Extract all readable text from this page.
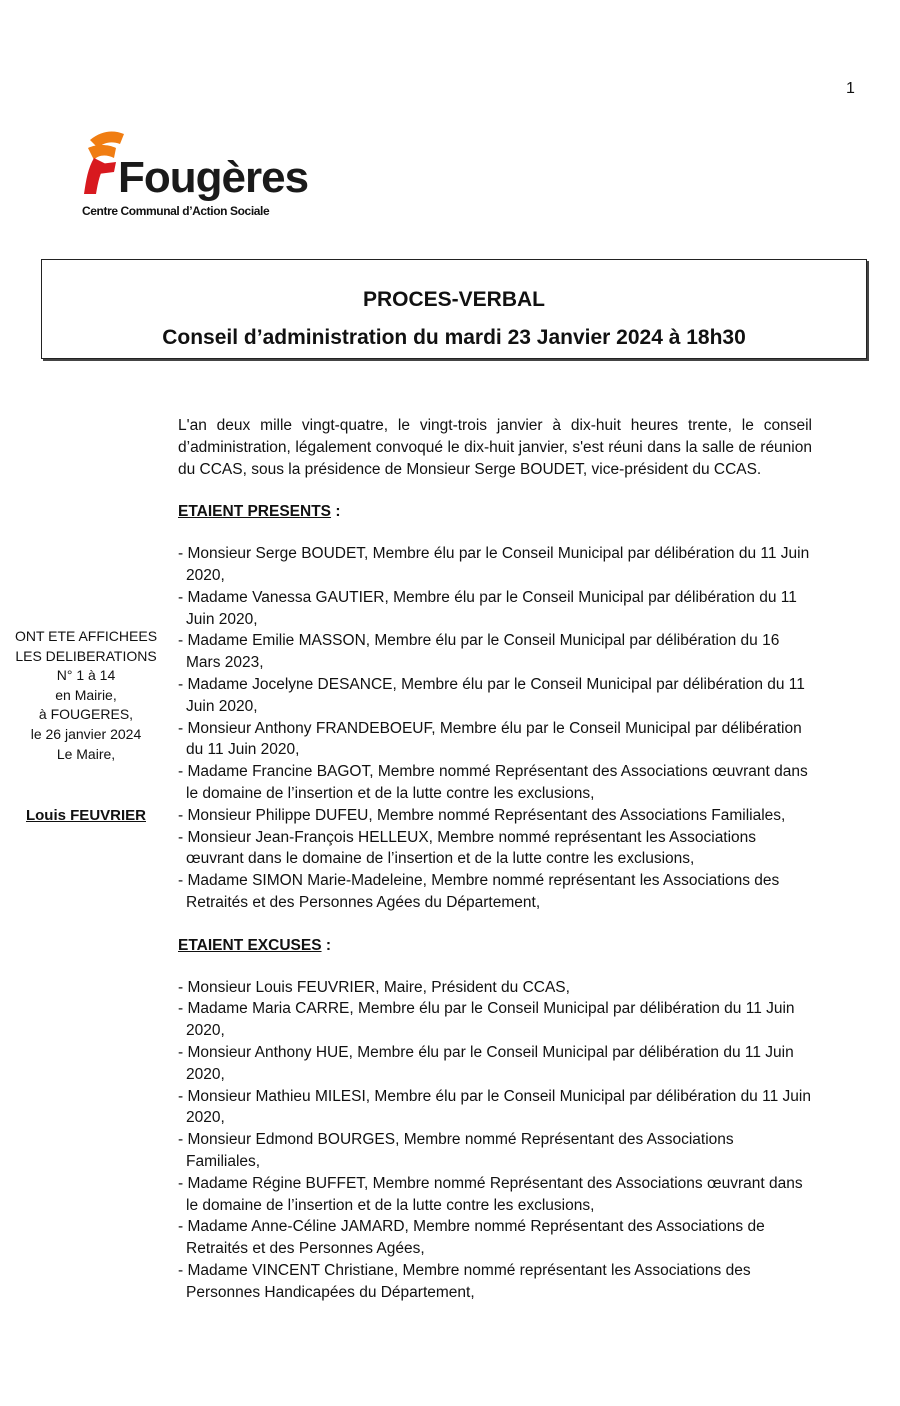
1
Fougères
Centre Communal d’Action Sociale
PROCES-VERBAL
Conseil d’administration du mardi 23 Janvier 2024 à 18h30
ONT ETE AFFICHEES
LES DELIBERATIONS
N° 1 à 14
en Mairie,
à FOUGERES,
le 26 janvier 2024
Le Maire,
Louis FEUVRIER

L'an deux mille vingt-quatre, le vingt-trois janvier à dix-huit heures trente, le conseil d’administration, légalement convoqué le dix-huit janvier, s'est réuni dans la salle de réunion du CCAS, sous la présidence de Monsieur Serge BOUDET, vice-président du CCAS.

ETAIENT PRESENTS :
- Monsieur Serge BOUDET, Membre élu par le Conseil Municipal par délibération du 11 Juin 2020,
- Madame Vanessa GAUTIER, Membre élu par le Conseil Municipal par délibération du 11 Juin 2020,
- Madame Emilie MASSON, Membre élu par le Conseil Municipal par délibération du 16 Mars 2023,
- Madame Jocelyne DESANCE, Membre élu par le Conseil Municipal par délibération du 11 Juin 2020,
- Monsieur Anthony FRANDEBOEUF, Membre élu par le Conseil Municipal par délibération du 11 Juin 2020,
- Madame Francine BAGOT, Membre nommé Représentant des Associations œuvrant dans le domaine de l’insertion et de la lutte contre les exclusions,
- Monsieur Philippe DUFEU, Membre nommé Représentant des Associations Familiales,
- Monsieur Jean-François HELLEUX, Membre nommé représentant les Associations œuvrant dans le domaine de l’insertion et de la lutte contre les exclusions,
- Madame SIMON Marie-Madeleine, Membre nommé représentant les Associations des Retraités et des Personnes Agées du Département,
ETAIENT EXCUSES :
- Monsieur Louis FEUVRIER, Maire, Président du CCAS,
- Madame Maria CARRE, Membre élu par le Conseil Municipal par délibération du 11 Juin 2020,
- Monsieur Anthony HUE, Membre élu par le Conseil Municipal par délibération du 11 Juin 2020,
- Monsieur Mathieu MILESI, Membre élu par le Conseil Municipal par délibération du 11 Juin 2020,
- Monsieur Edmond BOURGES, Membre nommé Représentant des Associations Familiales,
- Madame Régine BUFFET, Membre nommé Représentant des Associations œuvrant dans le domaine de l’insertion et de la lutte contre les exclusions,
- Madame Anne-Céline JAMARD, Membre nommé Représentant des Associations de Retraités et des Personnes Agées,
- Madame VINCENT Christiane, Membre nommé représentant les Associations des Personnes Handicapées du Département,
